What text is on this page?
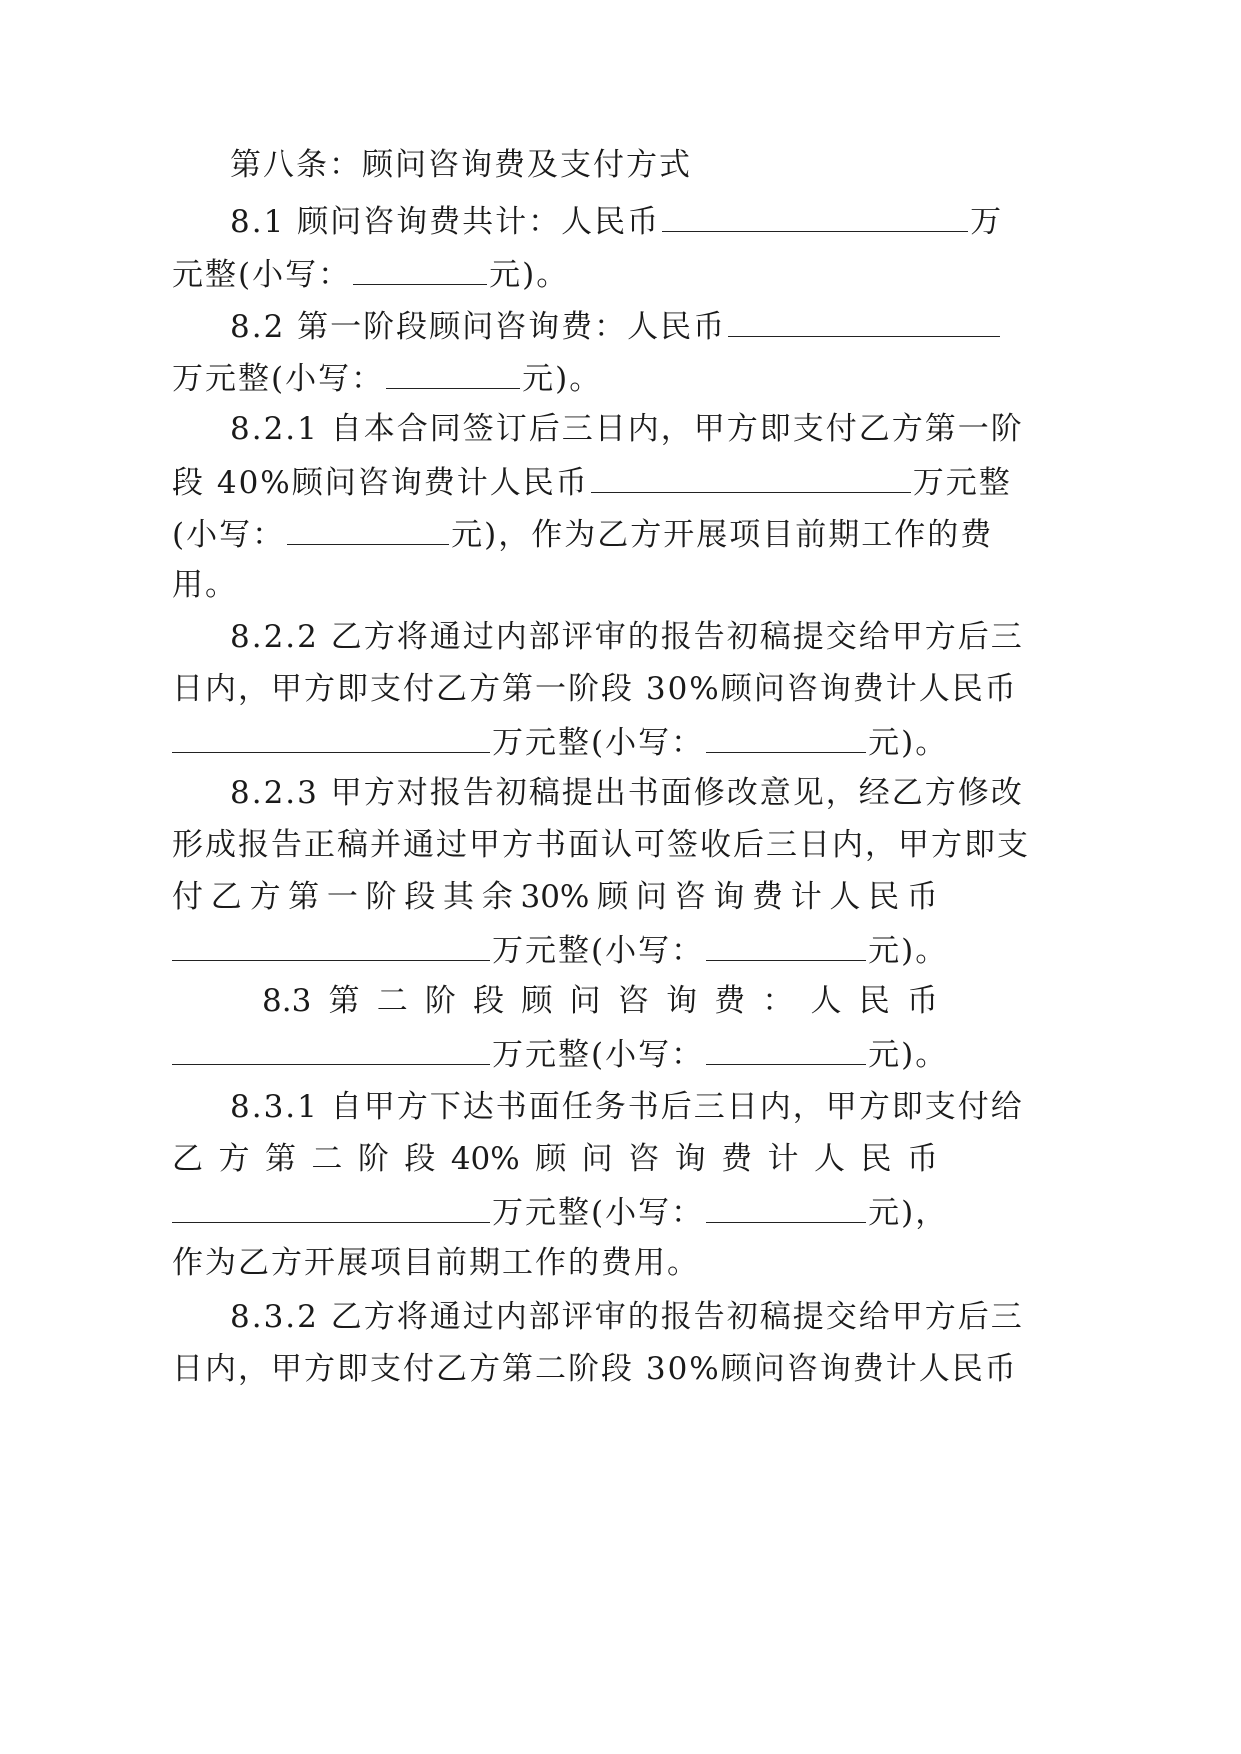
第八条：顾问咨询费及支付方式
8.1 顾问咨询费共计：人民币	万
元整(小写：	元)。
8.2 第一阶段顾问咨询费：人民币
万元整(小写：	元)。
8.2.1 自本合同签订后三日内，甲方即支付乙方第一阶
段 40%顾问咨询费计人民币	万元整
(小写：	元)，作为乙方开展项目前期工作的费
用。
8.2.2 乙方将通过内部评审的报告初稿提交给甲方后三
日内，甲方即支付乙方第一阶段 30%顾问咨询费计人民币
万元整(小写：	元)。
8.2.3 甲方对报告初稿提出书面修改意见，经乙方修改
形成报告正稿并通过甲方书面认可签收后三日内，甲方即支
付 乙 方 第 一 阶 段 其 余 30% 顾 问 咨 询 费 计 人 民 币
万元整(小写：	元)。
8.3 第 二 阶 段 顾 问 咨 询 费 ： 人 民 币
万元整(小写：	元)。
8.3.1 自甲方下达书面任务书后三日内，甲方即支付给
乙 方 第 二 阶 段 40% 顾 问 咨 询 费 计 人 民 币
万元整(小写：	元)，
作为乙方开展项目前期工作的费用。
8.3.2 乙方将通过内部评审的报告初稿提交给甲方后三
日内，甲方即支付乙方第二阶段 30%顾问咨询费计人民币
